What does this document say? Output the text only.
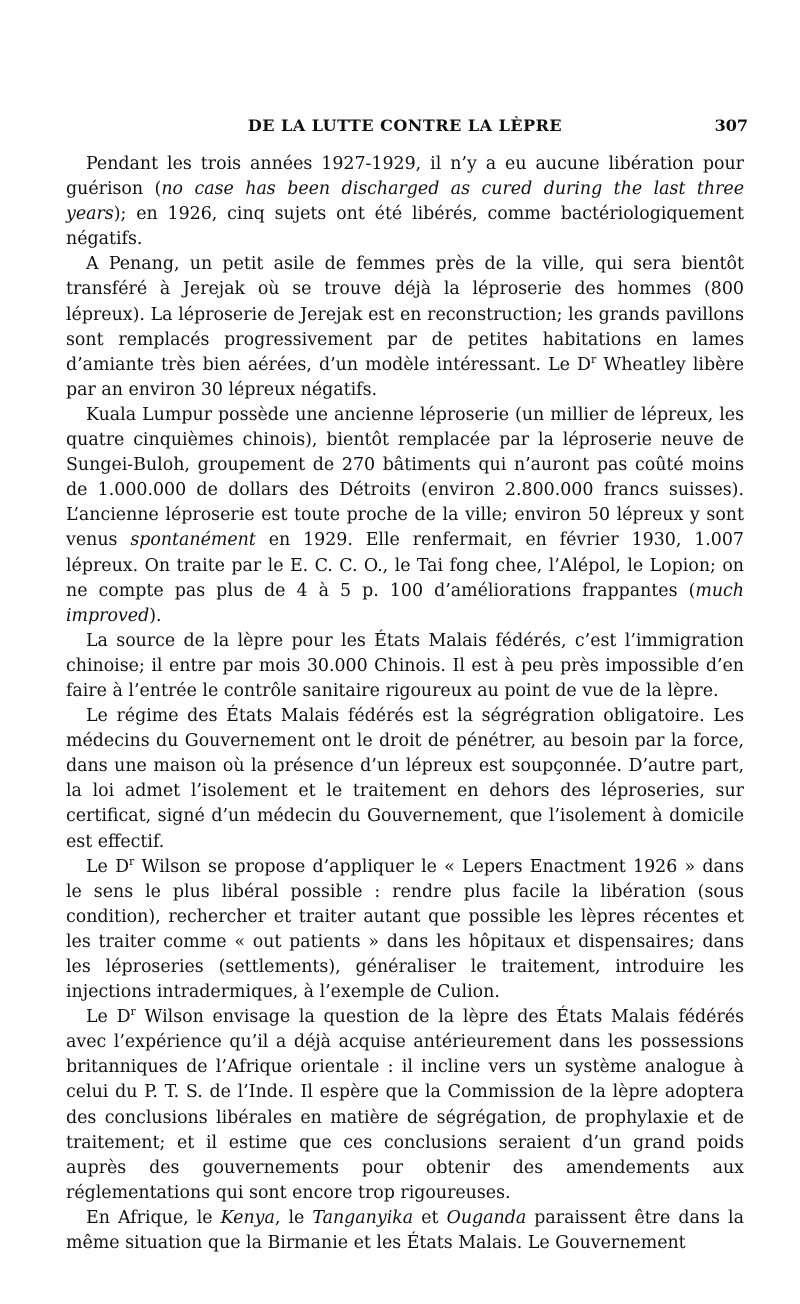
DE LA LUTTE CONTRE LA LÈPRE	307

Pendant les trois années 1927-1929, il n’y a eu aucune libération pour guérison (no case has been discharged as cured during the last three years); en 1926, cinq sujets ont été libérés, comme bactériologiquement négatifs.

A Penang, un petit asile de femmes près de la ville, qui sera bientôt transféré à Jerejak où se trouve déjà la léproserie des hommes (800 lépreux). La léproserie de Jerejak est en reconstruction; les grands pavillons sont remplacés progressivement par de petites habitations en lames d’amiante très bien aérées, d’un modèle intéressant. Le $D^r$ Wheatley libère par an environ 30 lépreux négatifs.

Kuala Lumpur possède une ancienne léproserie (un millier de lépreux, les quatre cinquièmes chinois), bientôt remplacée par la léproserie neuve de Sungei-Buloh, groupement de 270 bâtiments qui n’auront pas coûté moins de 1.000.000 de dollars des Détroits (environ 2.800.000 francs suisses). L’ancienne léproserie est toute proche de la ville; environ 50 lépreux y sont venus spontanément en 1929. Elle renfermait, en février 1930, 1.007 lépreux. On traite par le E. C. C. O., le Tai fong chee, l’Alépol, le Lopion; on ne compte pas plus de 4 à 5 p. 100 d’améliorations frappantes (much improved).

La source de la lèpre pour les États Malais fédérés, c’est l’immigration chinoise; il entre par mois 30.000 Chinois. Il est à peu près impossible d’en faire à l’entrée le contrôle sanitaire rigoureux au point de vue de la lèpre.

Le régime des États Malais fédérés est la ségrégration obligatoire. Les médecins du Gouvernement ont le droit de pénétrer, au besoin par la force, dans une maison où la présence d’un lépreux est soupçonnée. D’autre part, la loi admet l’isolement et le traitement en dehors des léproseries, sur certificat, signé d’un médecin du Gouvernement, que l’isolement à domicile est effectif.

Le $D^r$ Wilson se propose d’appliquer le « Lepers Enactment 1926 » dans le sens le plus libéral possible : rendre plus facile la libération (sous condition), rechercher et traiter autant que possible les lèpres récentes et les traiter comme « out patients » dans les hôpitaux et dispensaires; dans les léproseries (settlements), généraliser le traitement, introduire les injections intradermiques, à l’exemple de Culion.

Le $D^r$ Wilson envisage la question de la lèpre des États Malais fédérés avec l’expérience qu’il a déjà acquise antérieurement dans les possessions britanniques de l’Afrique orientale : il incline vers un système analogue à celui du P. T. S. de l’Inde. Il espère que la Commission de la lèpre adoptera des conclusions libérales en matière de ségrégation, de prophylaxie et de traitement; et il estime que ces conclusions seraient d’un grand poids auprès des gouvernements pour obtenir des amendements aux réglementations qui sont encore trop rigoureuses.

En Afrique, le Kenya, le Tanganyika et Ouganda paraissent être dans la même situation que la Birmanie et les États Malais. Le Gouvernement
